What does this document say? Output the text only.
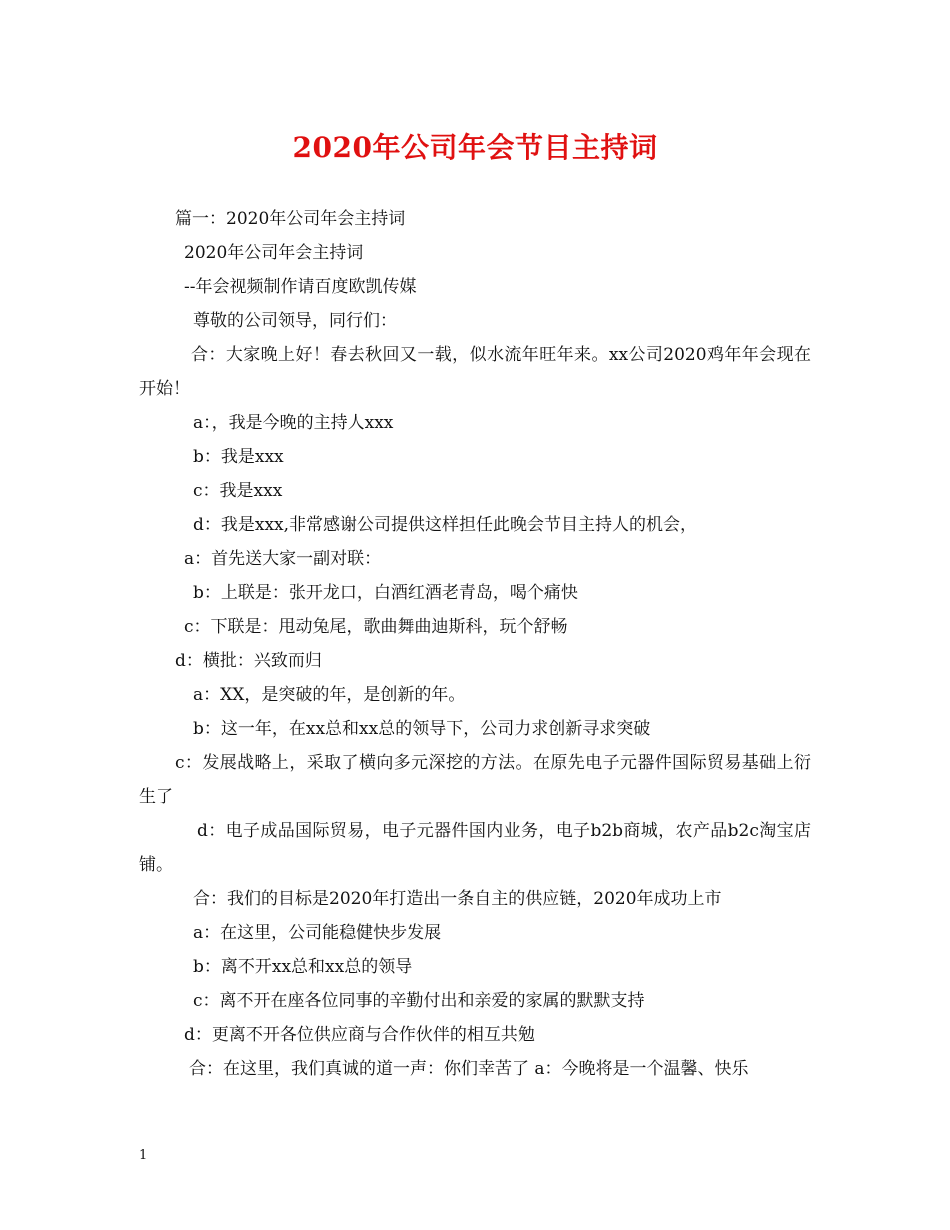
2020年公司年会节目主持词
篇一：2020年公司年会主持词
2020年公司年会主持词
--年会视频制作请百度欧凯传媒
尊敬的公司领导，同行们：
合：大家晚上好！春去秋回又一载，似水流年旺年来。xx公司2020鸡年年会现在开始！
a：，我是今晚的主持人xxx
b：我是xxx
c：我是xxx
d：我是xxx,非常感谢公司提供这样担任此晚会节目主持人的机会，
a：首先送大家一副对联：
b：上联是：张开龙口，白酒红酒老青岛，喝个痛快
c：下联是：甩动兔尾，歌曲舞曲迪斯科，玩个舒畅
d：横批：兴致而归
a：XX，是突破的年，是创新的年。
b：这一年，在xx总和xx总的领导下，公司力求创新寻求突破
c：发展战略上，采取了横向多元深挖的方法。在原先电子元器件国际贸易基础上衍生了
d：电子成品国际贸易，电子元器件国内业务，电子b2b商城，农产品b2c淘宝店铺。
合：我们的目标是2020年打造出一条自主的供应链，2020年成功上市
a：在这里，公司能稳健快步发展
b：离不开xx总和xx总的领导
c：离不开在座各位同事的辛勤付出和亲爱的家属的默默支持
d：更离不开各位供应商与合作伙伴的相互共勉
合：在这里，我们真诚的道一声：你们幸苦了 a：今晚将是一个温馨、快乐
1
